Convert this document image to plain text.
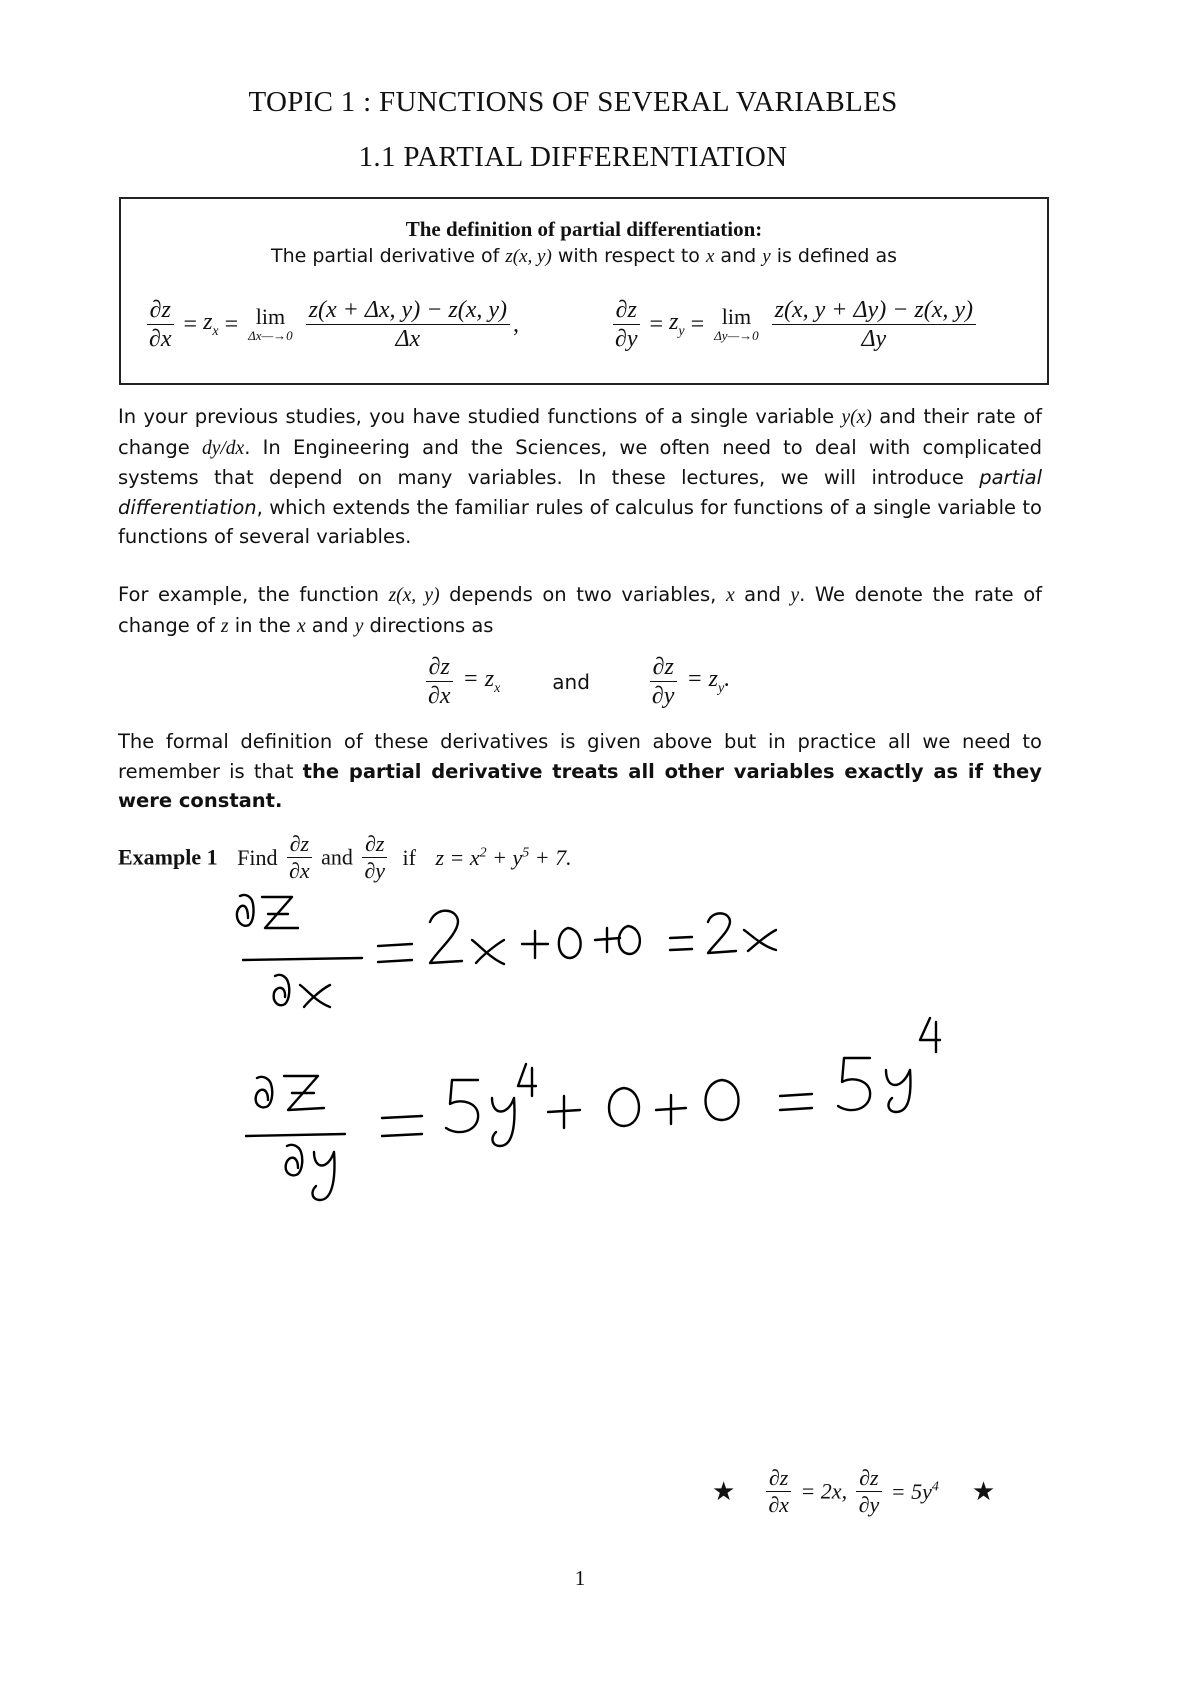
TOPIC 1 : FUNCTIONS OF SEVERAL VARIABLES
1.1 PARTIAL DIFFERENTIATION
The definition of partial differentiation:
The partial derivative of z(x, y) with respect to x and y is defined as
$\frac{\partial z}{\partial x} = z_x = \lim$
Δx—→0
$\frac{z(x + \Delta x, y) - z(x, y)}{\Delta x}$ ,	$\frac{\partial z}{\partial y} = z_y = \lim$
Δy—→0
$\frac{z(x, y + \Delta y) - z(x, y)}{\Delta y}$
In your previous studies, you have studied functions of a single variable y(x) and their rate of change dy/dx. In Engineering and the Sciences, we often need to deal with complicated systems that depend on many variables. In these lectures, we will introduce partial differentiation, which extends the familiar rules of calculus for functions of a single variable to functions of several variables.
For example, the function z(x, y) depends on two variables, x and y. We denote the rate of change of z in the x and y directions as
$\frac{\partial z}{\partial x} = z_x$	and $\frac{\partial z}{\partial y} = z_y$.
The formal definition of these derivatives is given above but in practice all we need to remember is that the partial derivative treats all other variables exactly as if they were constant.
Example 1 Find $\frac{\partial z}{\partial x}$ and $\frac{\partial z}{\partial y}$ if $z = x^2 + y^5 + 7$.
★ $\frac{\partial z}{\partial x} = 2x$, $\frac{\partial z}{\partial y} = 5y^4$ ★
1
